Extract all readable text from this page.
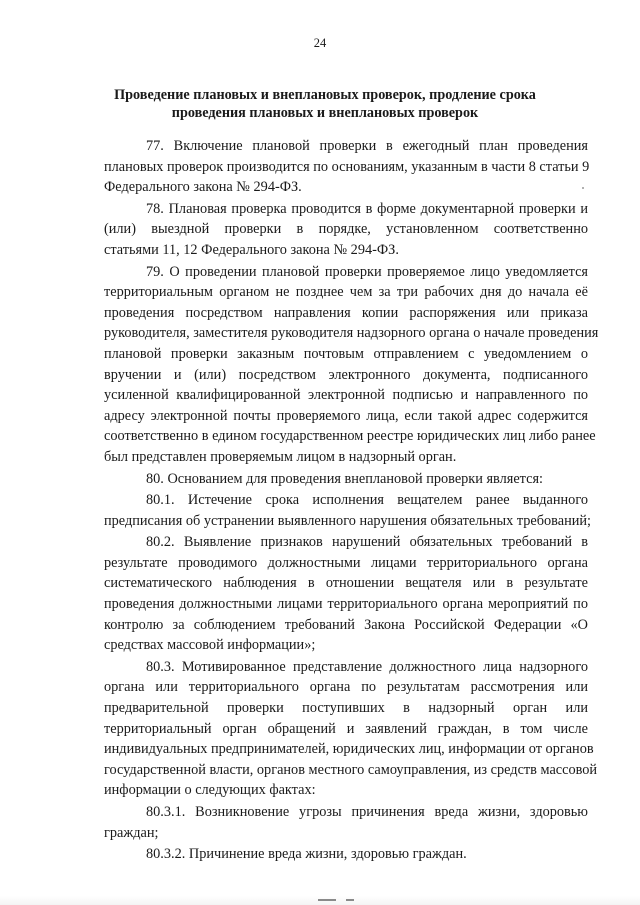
24
Проведение плановых и внеплановых проверок, продление срока
проведения плановых и внеплановых проверок
77. Включение плановой проверки в ежегодный план проведения
плановых проверок производится по основаниям, указанным в части 8 статьи 9
Федерального закона № 294-ФЗ.
78. Плановая проверка проводится в форме документарной проверки и
(или) выездной проверки в порядке, установленном соответственно
статьями 11, 12 Федерального закона № 294-ФЗ.
79. О проведении плановой проверки проверяемое лицо уведомляется
территориальным органом не позднее чем за три рабочих дня до начала её
проведения посредством направления копии распоряжения или приказа
руководителя, заместителя руководителя надзорного органа о начале проведения
плановой проверки заказным почтовым отправлением с уведомлением о
вручении и (или) посредством электронного документа, подписанного
усиленной квалифицированной электронной подписью и направленного по
адресу электронной почты проверяемого лица, если такой адрес содержится
соответственно в едином государственном реестре юридических лиц либо ранее
был представлен проверяемым лицом в надзорный орган.
80. Основанием для проведения внеплановой проверки является:
80.1. Истечение срока исполнения вещателем ранее выданного
предписания об устранении выявленного нарушения обязательных требований;
80.2. Выявление признаков нарушений обязательных требований в
результате проводимого должностными лицами территориального органа
систематического наблюдения в отношении вещателя или в результате
проведения должностными лицами территориального органа мероприятий по
контролю за соблюдением требований Закона Российской Федерации «О
средствах массовой информации»;
80.3. Мотивированное представление должностного лица надзорного
органа или территориального органа по результатам рассмотрения или
предварительной проверки поступивших в надзорный орган или
территориальный орган обращений и заявлений граждан, в том числе
индивидуальных предпринимателей, юридических лиц, информации от органов
государственной власти, органов местного самоуправления, из средств массовой
информации о следующих фактах:
80.3.1. Возникновение угрозы причинения вреда жизни, здоровью
граждан;
80.3.2. Причинение вреда жизни, здоровью граждан.
